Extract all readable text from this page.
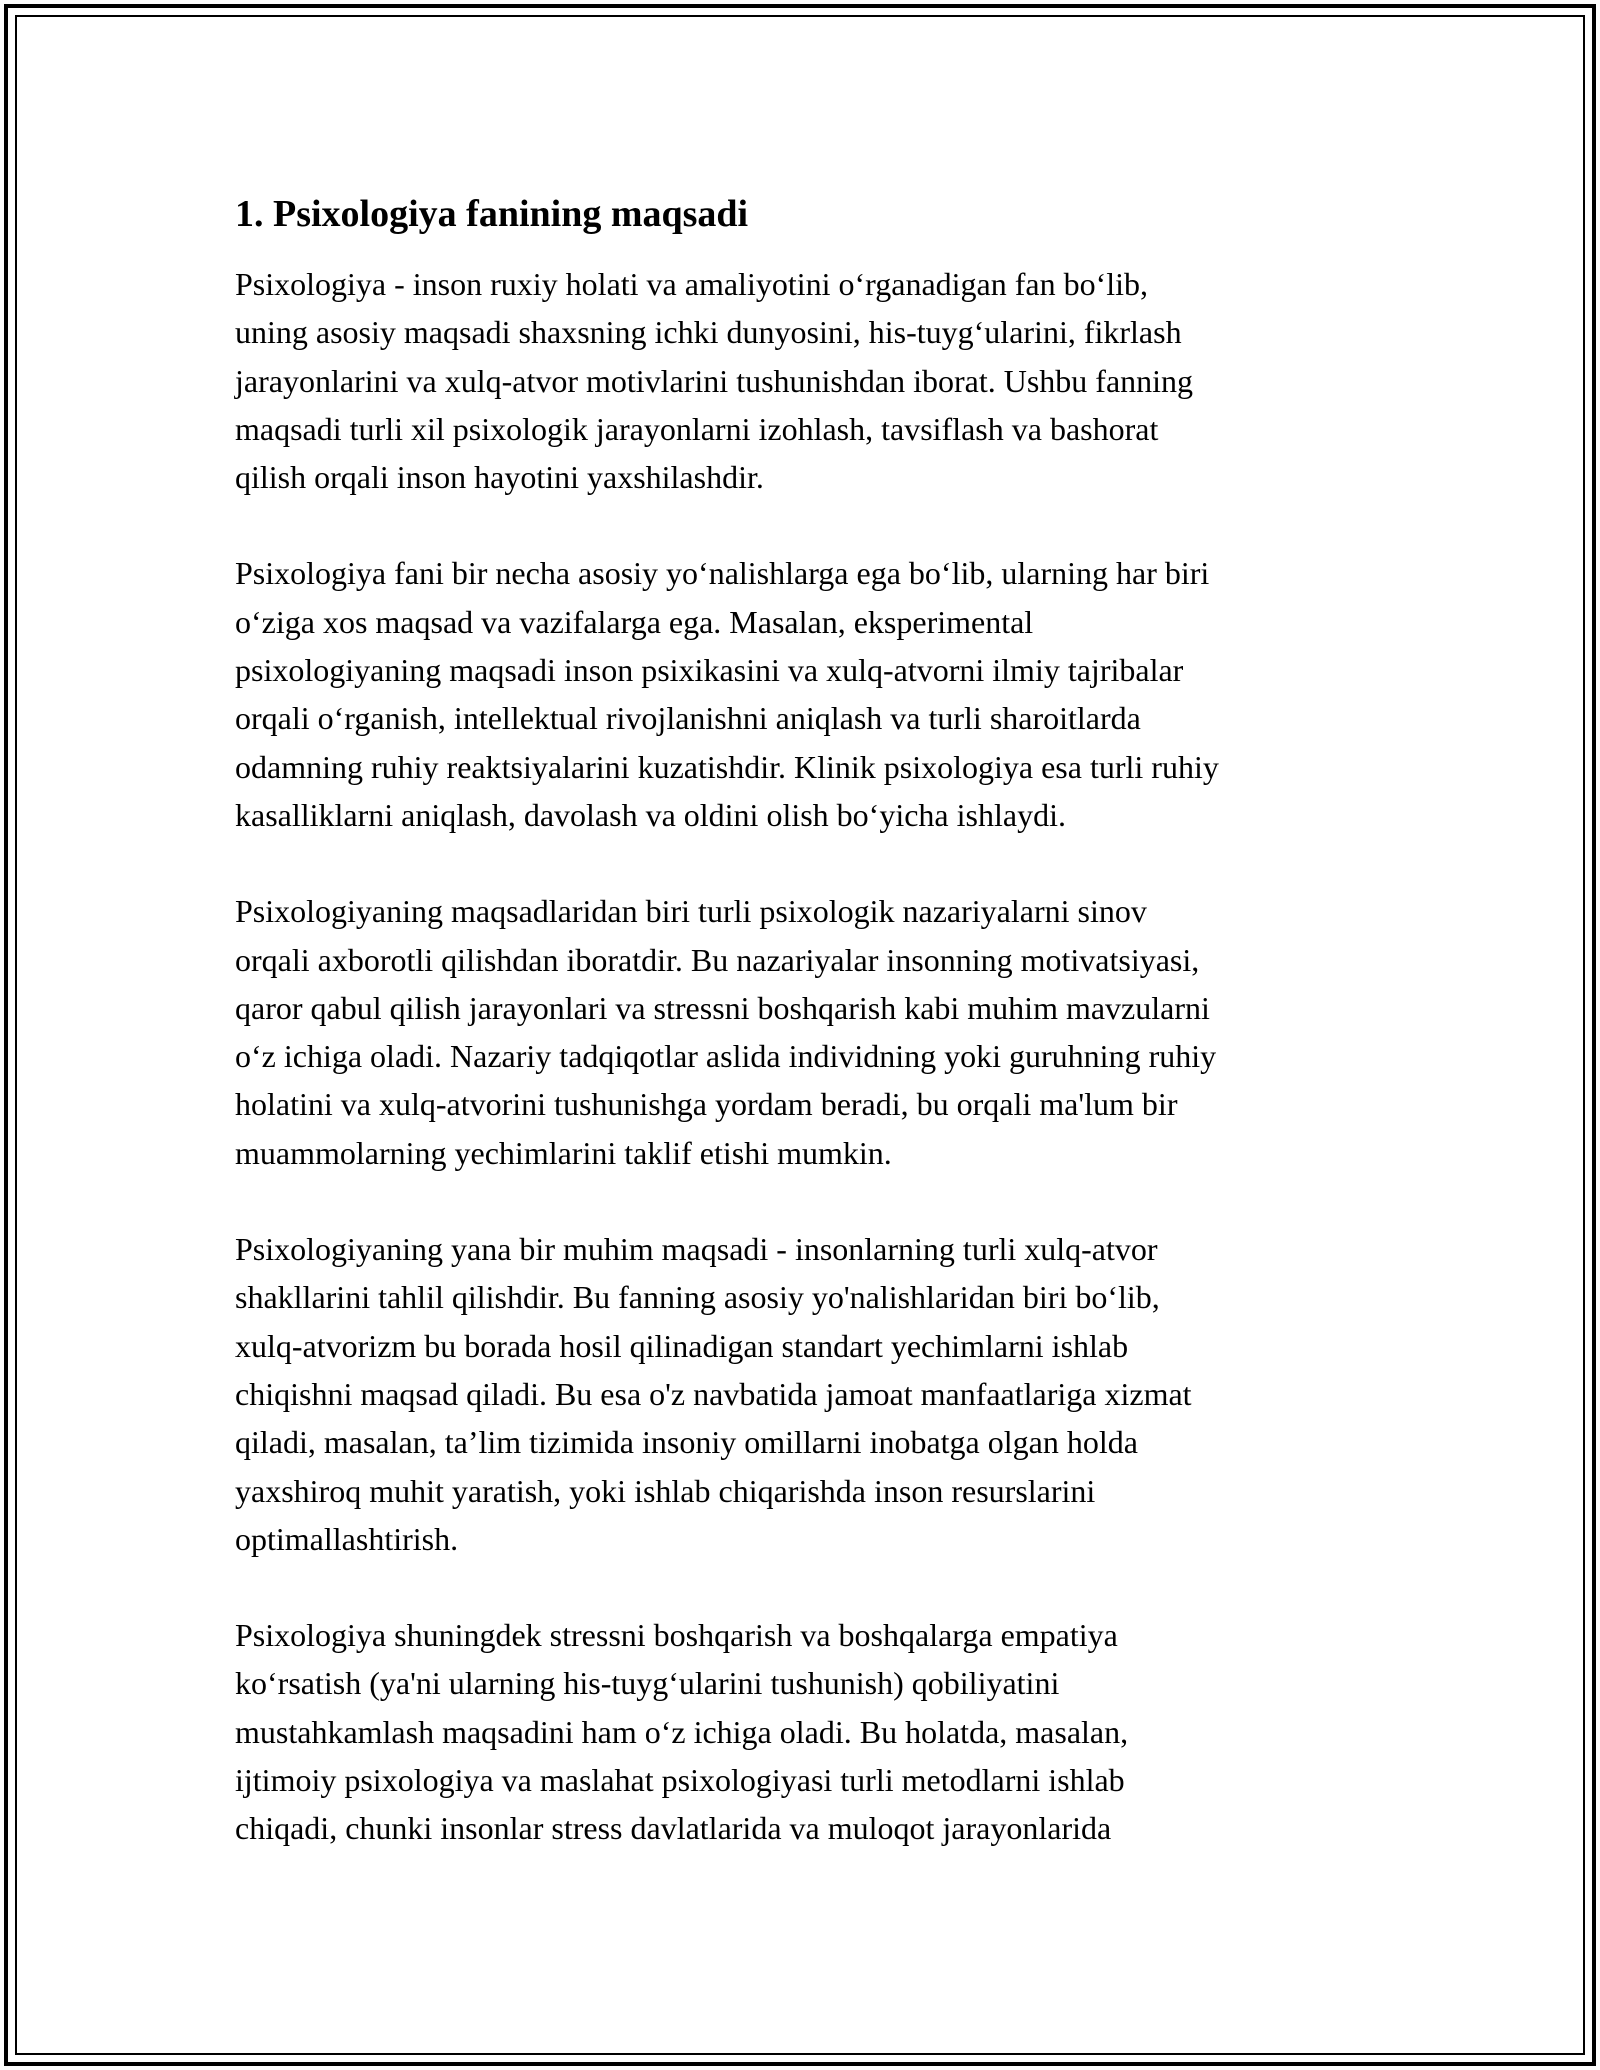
1. Psixologiya fanining maqsadi
Psixologiya - inson ruxiy holati va amaliyotini o‘rganadigan fan bo‘lib,
uning asosiy maqsadi shaxsning ichki dunyosini, his-tuyg‘ularini, fikrlash
jarayonlarini va xulq-atvor motivlarini tushunishdan iborat. Ushbu fanning
maqsadi turli xil psixologik jarayonlarni izohlash, tavsiflash va bashorat
qilish orqali inson hayotini yaxshilashdir.
Psixologiya fani bir necha asosiy yo‘nalishlarga ega bo‘lib, ularning har biri
o‘ziga xos maqsad va vazifalarga ega. Masalan, eksperimental
psixologiyaning maqsadi inson psixikasini va xulq-atvorni ilmiy tajribalar
orqali o‘rganish, intellektual rivojlanishni aniqlash va turli sharoitlarda
odamning ruhiy reaktsiyalarini kuzatishdir. Klinik psixologiya esa turli ruhiy
kasalliklarni aniqlash, davolash va oldini olish bo‘yicha ishlaydi.
Psixologiyaning maqsadlaridan biri turli psixologik nazariyalarni sinov
orqali axborotli qilishdan iboratdir. Bu nazariyalar insonning motivatsiyasi,
qaror qabul qilish jarayonlari va stressni boshqarish kabi muhim mavzularni
o‘z ichiga oladi. Nazariy tadqiqotlar aslida individning yoki guruhning ruhiy
holatini va xulq-atvorini tushunishga yordam beradi, bu orqali ma'lum bir
muammolarning yechimlarini taklif etishi mumkin.
Psixologiyaning yana bir muhim maqsadi - insonlarning turli xulq-atvor
shakllarini tahlil qilishdir. Bu fanning asosiy yo'nalishlaridan biri bo‘lib,
xulq-atvorizm bu borada hosil qilinadigan standart yechimlarni ishlab
chiqishni maqsad qiladi. Bu esa o'z navbatida jamoat manfaatlariga xizmat
qiladi, masalan, ta’lim tizimida insoniy omillarni inobatga olgan holda
yaxshiroq muhit yaratish, yoki ishlab chiqarishda inson resurslarini
optimallashtirish.
Psixologiya shuningdek stressni boshqarish va boshqalarga empatiya
ko‘rsatish (ya'ni ularning his-tuyg‘ularini tushunish) qobiliyatini
mustahkamlash maqsadini ham o‘z ichiga oladi. Bu holatda, masalan,
ijtimoiy psixologiya va maslahat psixologiyasi turli metodlarni ishlab
chiqadi, chunki insonlar stress davlatlarida va muloqot jarayonlarida
